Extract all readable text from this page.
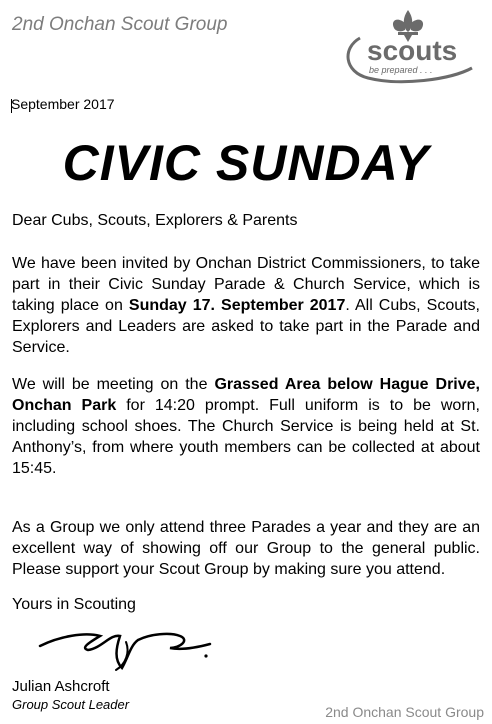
2nd Onchan Scout Group
scouts
be prepared . . .
September 2017
CIVIC SUNDAY
Dear Cubs, Scouts, Explorers & Parents
We have been invited by Onchan District Commissioners, to take part in their Civic Sunday Parade & Church Service, which is taking place on Sunday 17. September 2017. All Cubs, Scouts, Explorers and Leaders are asked to take part in the Parade and Service.
We will be meeting on the Grassed Area below Hague Drive, Onchan Park for 14:20 prompt. Full uniform is to be worn, including school shoes. The Church Service is being held at St. Anthony’s, from where youth members can be collected at about 15:45.
As a Group we only attend three Parades a year and they are an excellent way of showing off our Group to the general public. Please support your Scout Group by making sure you attend.
Yours in Scouting
Julian Ashcroft
Group Scout Leader	2nd Onchan Scout Group
